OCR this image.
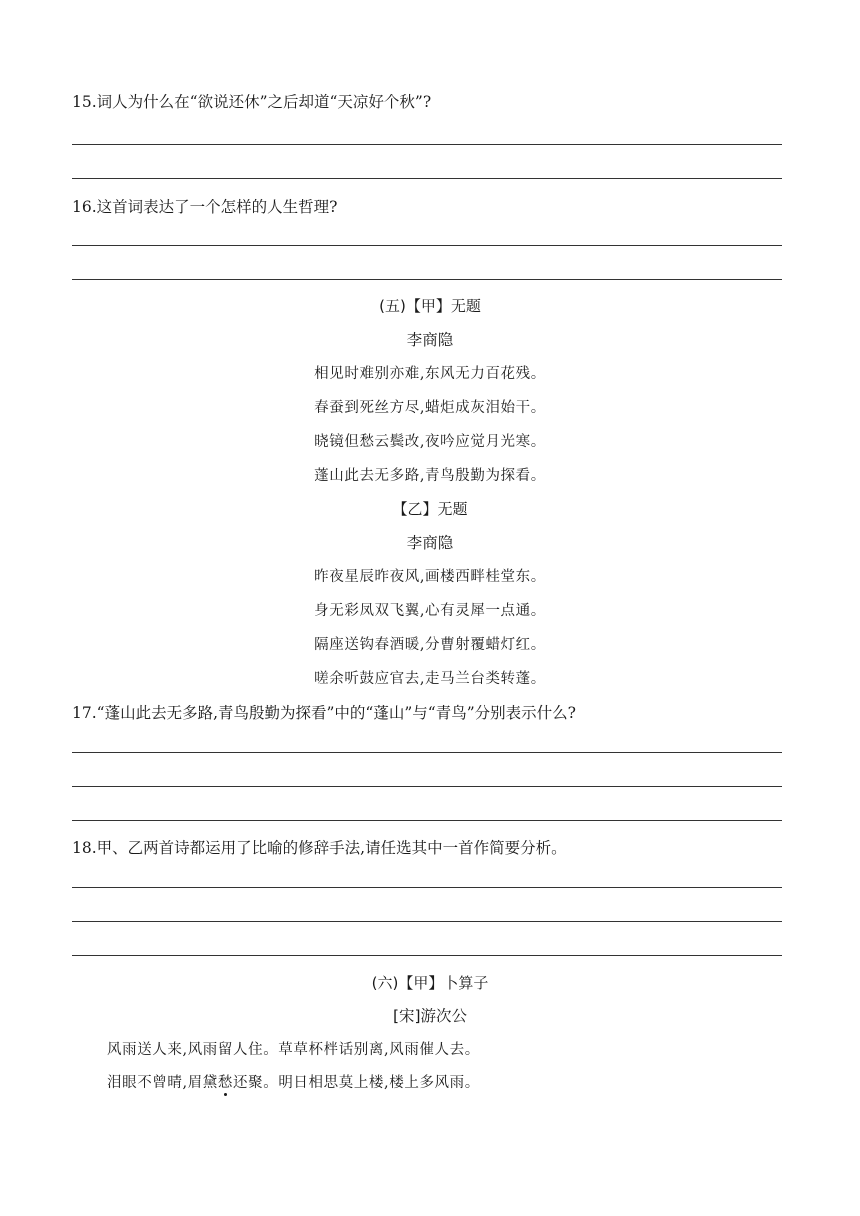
15.词人为什么在“欲说还休”之后却道“天凉好个秋”?
16.这首词表达了一个怎样的人生哲理?
(五)【甲】无题
李商隐
相见时难别亦难,东风无力百花残。
春蚕到死丝方尽,蜡炬成灰泪始干。
晓镜但愁云鬓改,夜吟应觉月光寒。
蓬山此去无多路,青鸟殷勤为探看。
【乙】无题
李商隐
昨夜星辰昨夜风,画楼西畔桂堂东。
身无彩凤双飞翼,心有灵犀一点通。
隔座送钩春酒暖,分曹射覆蜡灯红。
嗟余听鼓应官去,走马兰台类转蓬。
17.“蓬山此去无多路,青鸟殷勤为探看”中的“蓬山”与“青鸟”分别表示什么?
18.甲、乙两首诗都运用了比喻的修辞手法,请任选其中一首作简要分析。
(六)【甲】卜算子
[宋]游次公
风雨送人来,风雨留人住。草草杯柈话别离,风雨催人去。
泪眼不曾晴,眉黛愁还聚。明日相思莫上楼,楼上多风雨。
